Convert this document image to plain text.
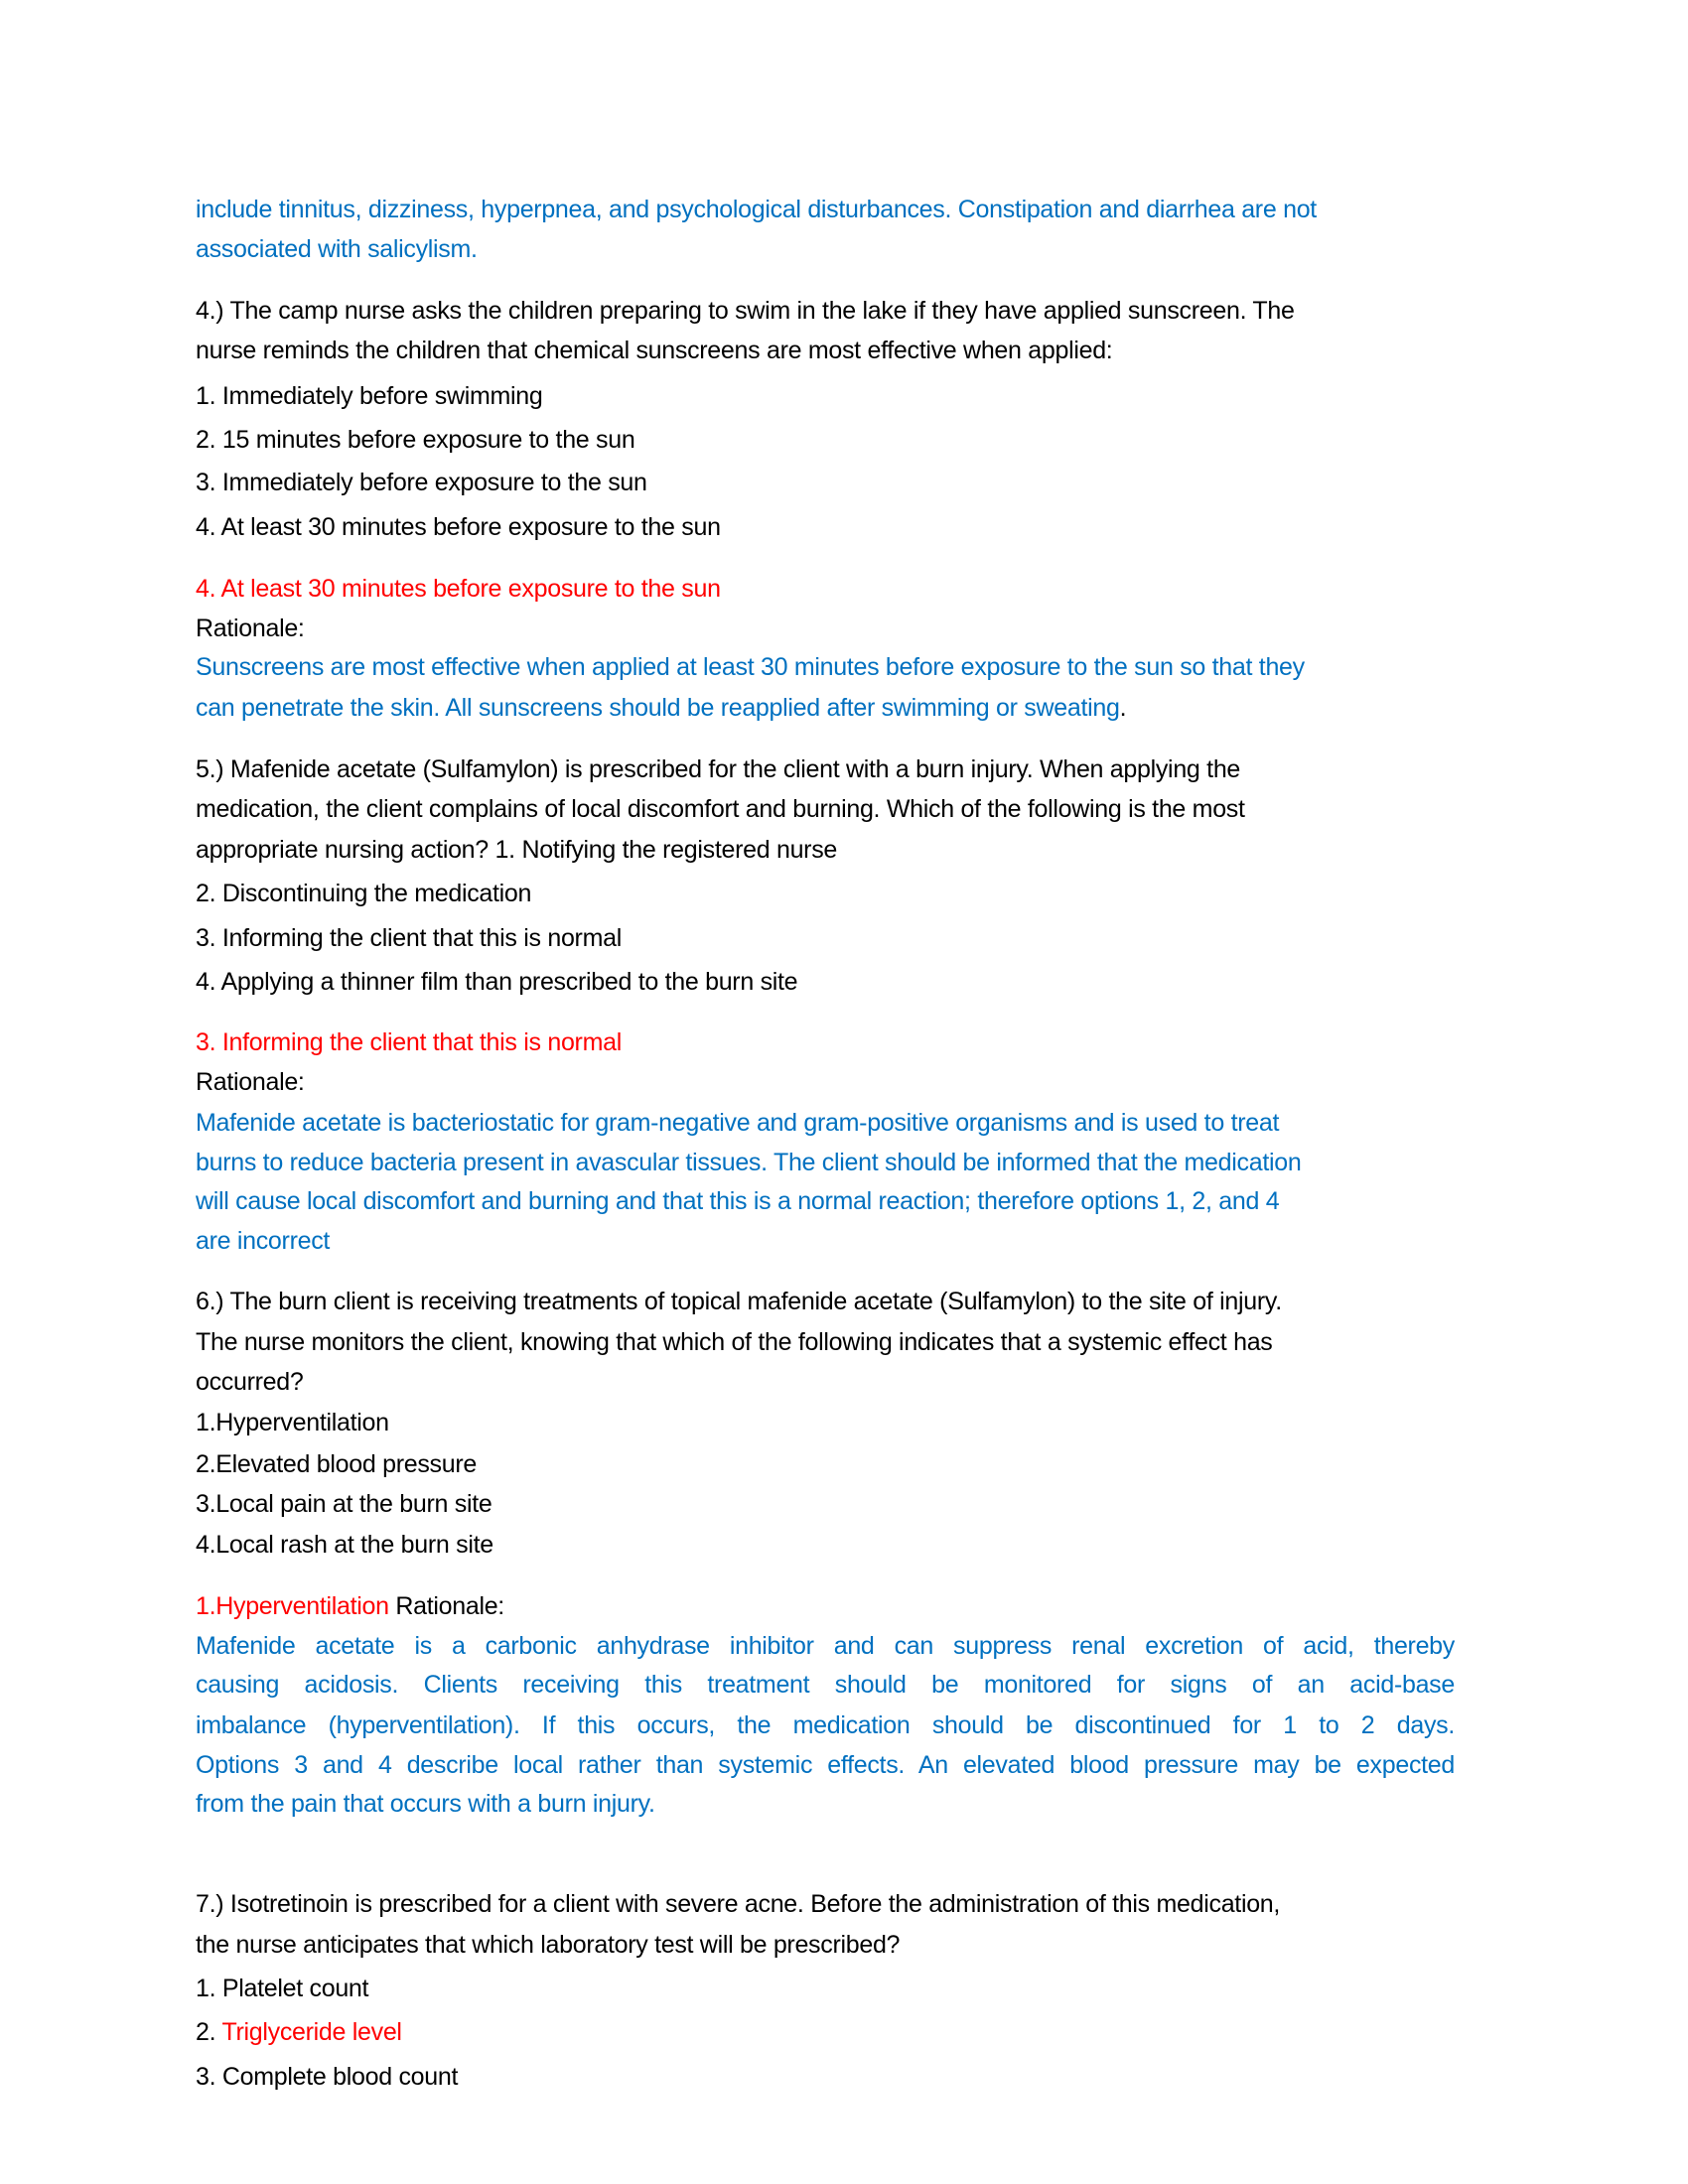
include tinnitus, dizziness, hyperpnea, and psychological disturbances. Constipation and diarrhea are not
associated with salicylism.
4.) The camp nurse asks the children preparing to swim in the lake if they have applied sunscreen. The
nurse reminds the children that chemical sunscreens are most effective when applied:
1. Immediately before swimming
2. 15 minutes before exposure to the sun
3. Immediately before exposure to the sun
4. At least 30 minutes before exposure to the sun
4. At least 30 minutes before exposure to the sun
Rationale:
Sunscreens are most effective when applied at least 30 minutes before exposure to the sun so that they
can penetrate the skin. All sunscreens should be reapplied after swimming or sweating.
5.) Mafenide acetate (Sulfamylon) is prescribed for the client with a burn injury. When applying the
medication, the client complains of local discomfort and burning. Which of the following is the most
appropriate nursing action? 1. Notifying the registered nurse
2. Discontinuing the medication
3. Informing the client that this is normal
4. Applying a thinner film than prescribed to the burn site
3. Informing the client that this is normal
Rationale:
Mafenide acetate is bacteriostatic for gram-negative and gram-positive organisms and is used to treat
burns to reduce bacteria present in avascular tissues. The client should be informed that the medication
will cause local discomfort and burning and that this is a normal reaction; therefore options 1, 2, and 4
are incorrect
6.) The burn client is receiving treatments of topical mafenide acetate (Sulfamylon) to the site of injury.
The nurse monitors the client, knowing that which of the following indicates that a systemic effect has
occurred?
1.Hyperventilation
2.Elevated blood pressure
3.Local pain at the burn site
4.Local rash at the burn site
1.Hyperventilation Rationale:
Mafenide acetate is a carbonic anhydrase inhibitor and can suppress renal excretion of acid, thereby
causing acidosis. Clients receiving this treatment should be monitored for signs of an acid-base
imbalance (hyperventilation). If this occurs, the medication should be discontinued for 1 to 2 days.
Options 3 and 4 describe local rather than systemic effects. An elevated blood pressure may be expected
from the pain that occurs with a burn injury.
7.) Isotretinoin is prescribed for a client with severe acne. Before the administration of this medication,
the nurse anticipates that which laboratory test will be prescribed?
1. Platelet count
2. Triglyceride level
3. Complete blood count
